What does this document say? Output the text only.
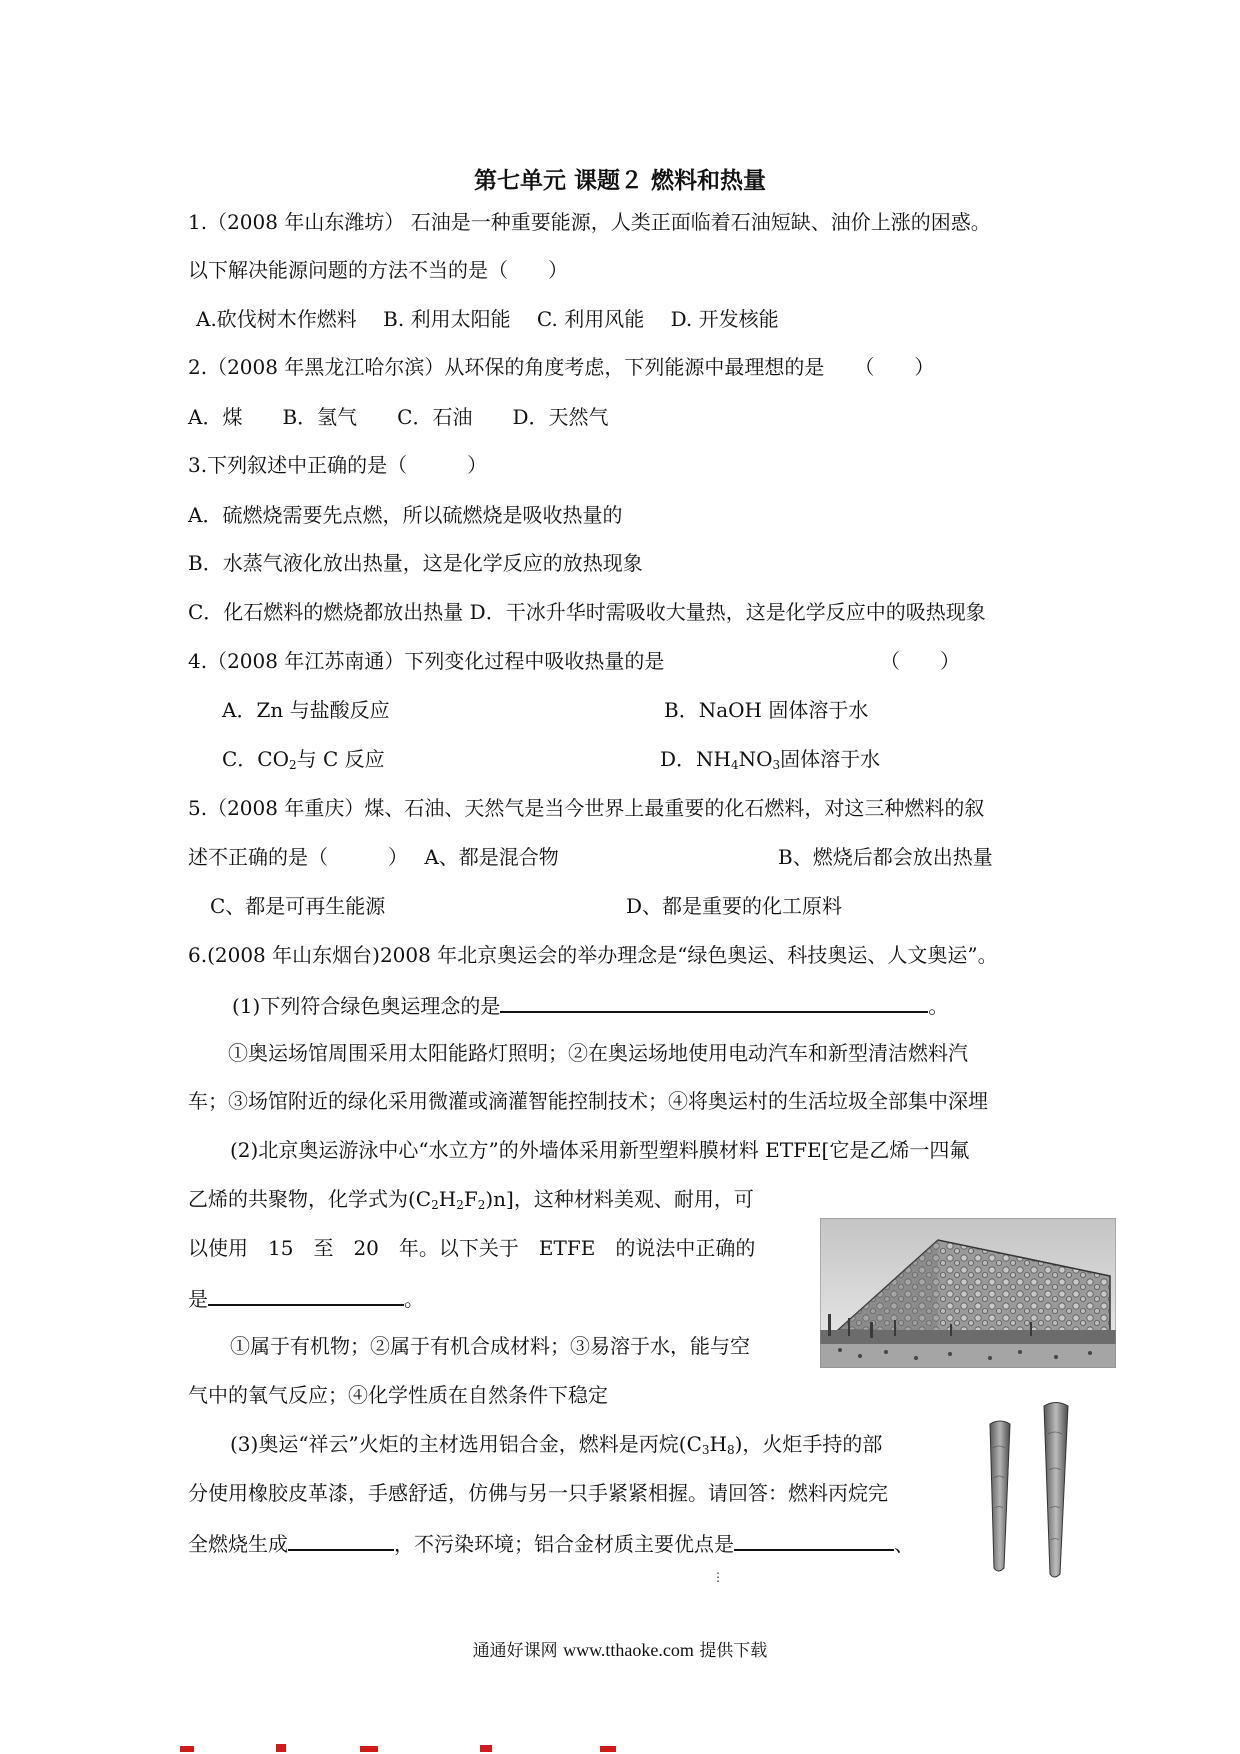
第七单元 课题２ 燃料和热量
1.（2008 年山东潍坊） 石油是一种重要能源，人类正面临着石油短缺、油价上涨的困惑。
以下解决能源问题的方法不当的是（　　）
A.砍伐树木作燃料　 B. 利用太阳能　 C. 利用风能　 D. 开发核能
2.（2008 年黑龙江哈尔滨）从环保的角度考虑，下列能源中最理想的是　　（　　）
A．煤　　B．氢气　　C．石油　　D．天然气
3.下列叙述中正确的是（　　　）
A．硫燃烧需要先点燃，所以硫燃烧是吸收热量的
B．水蒸气液化放出热量，这是化学反应的放热现象
C．化石燃料的燃烧都放出热量 D．干冰升华时需吸收大量热，这是化学反应中的吸热现象
4.（2008 年江苏南通）下列变化过程中吸收热量的是	（　　）
A．Zn 与盐酸反应	B．NaOH 固体溶于水
C．$CO_2$与 C 反应	D．$NH_4NO_3$固体溶于水
5.（2008 年重庆）煤、石油、天然气是当今世界上最重要的化石燃料，对这三种燃料的叙
述不正确的是（　　　）　 A、都是混合物	B、燃烧后都会放出热量
C、都是可再生能源	D、都是重要的化工原料
6.(2008 年山东烟台)2008 年北京奥运会的举办理念是“绿色奥运、科技奥运、人文奥运”。
(1)下列符合绿色奥运理念的是	。
①奥运场馆周围采用太阳能路灯照明；②在奥运场地使用电动汽车和新型清洁燃料汽
车；③场馆附近的绿化采用微灌或滴灌智能控制技术；④将奥运村的生活垃圾全部集中深埋
(2)北京奥运游泳中心“水立方”的外墙体采用新型塑料膜材料 ETFE[它是乙烯一四氟
乙烯的共聚物，化学式为$(C_2H_2F_2)n$]，这种材料美观、耐用，可
以使用　15　至　20　年。以下关于　ETFE　的说法中正确的
是	。
①属于有机物；②属于有机合成材料；③易溶于水，能与空
气中的氧气反应；④化学性质在自然条件下稳定
(3)奥运“祥云”火炬的主材选用铝合金，燃料是丙烷$(C_3H_8)$，火炬手持的部
分使用橡胶皮革漆，手感舒适，仿佛与另一只手紧紧相握。请回答：燃料丙烷完
全燃烧生成	，不污染环境；铝合金材质主要优点是	、
⋮
通通好课网 www.tthaoke.com 提供下载
